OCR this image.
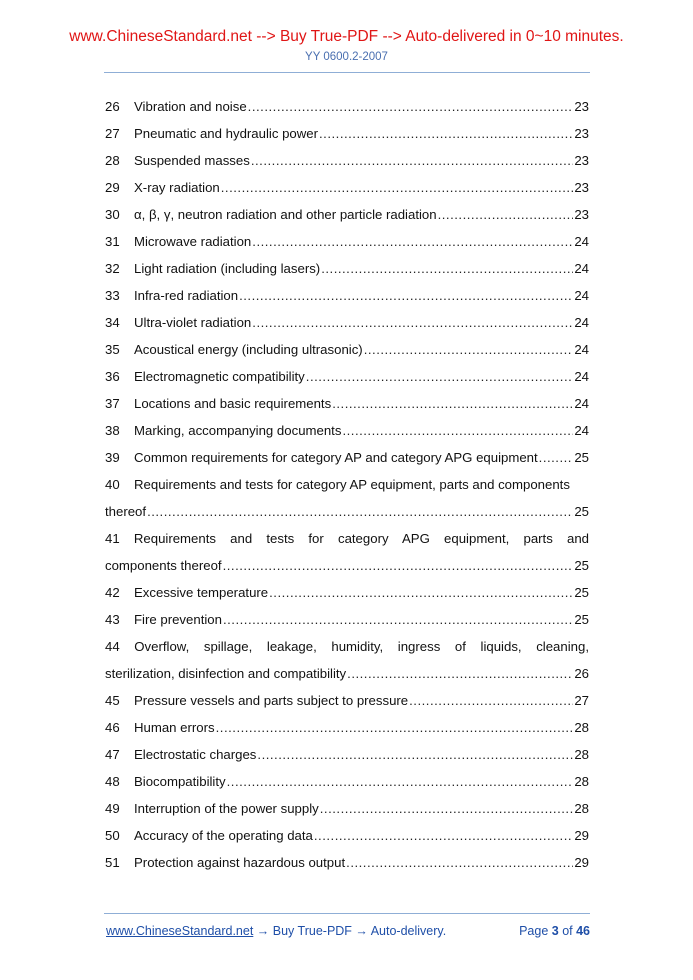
www.ChineseStandard.net --> Buy True-PDF --> Auto-delivered in 0~10 minutes.
YY 0600.2-2007
26	Vibration and noise .....	23
27	Pneumatic and hydraulic power .....	23
28	Suspended masses .....	23
29	X-ray radiation .....	23
30	α, β, γ, neutron radiation and other particle radiation .....	23
31	Microwave radiation .....	24
32	Light radiation (including lasers) .....	24
33	Infra-red radiation .....	24
34	Ultra-violet radiation .....	24
35	Acoustical energy (including ultrasonic) .....	24
36	Electromagnetic compatibility .....	24
37	Locations and basic requirements .....	24
38	Marking, accompanying documents .....	24
39	Common requirements for category AP and category APG equipment .....	25
40	Requirements and tests for category AP equipment, parts and components
thereof .....	25
41 Requirements and tests for category APG equipment, parts and
components thereof .....	25
42	Excessive temperature .....	25
43	Fire prevention .....	25
44 Overflow, spillage, leakage, humidity, ingress of liquids, cleaning,
sterilization, disinfection and compatibility .....	26
45	Pressure vessels and parts subject to pressure .....	27
46	Human errors .....	28
47	Electrostatic charges .....	28
48	Biocompatibility .....	28
49	Interruption of the power supply .....	28
50	Accuracy of the operating data .....	29
51	Protection against hazardous output .....	29
www.ChineseStandard.net → Buy True-PDF → Auto-delivery.	Page 3 of 46
